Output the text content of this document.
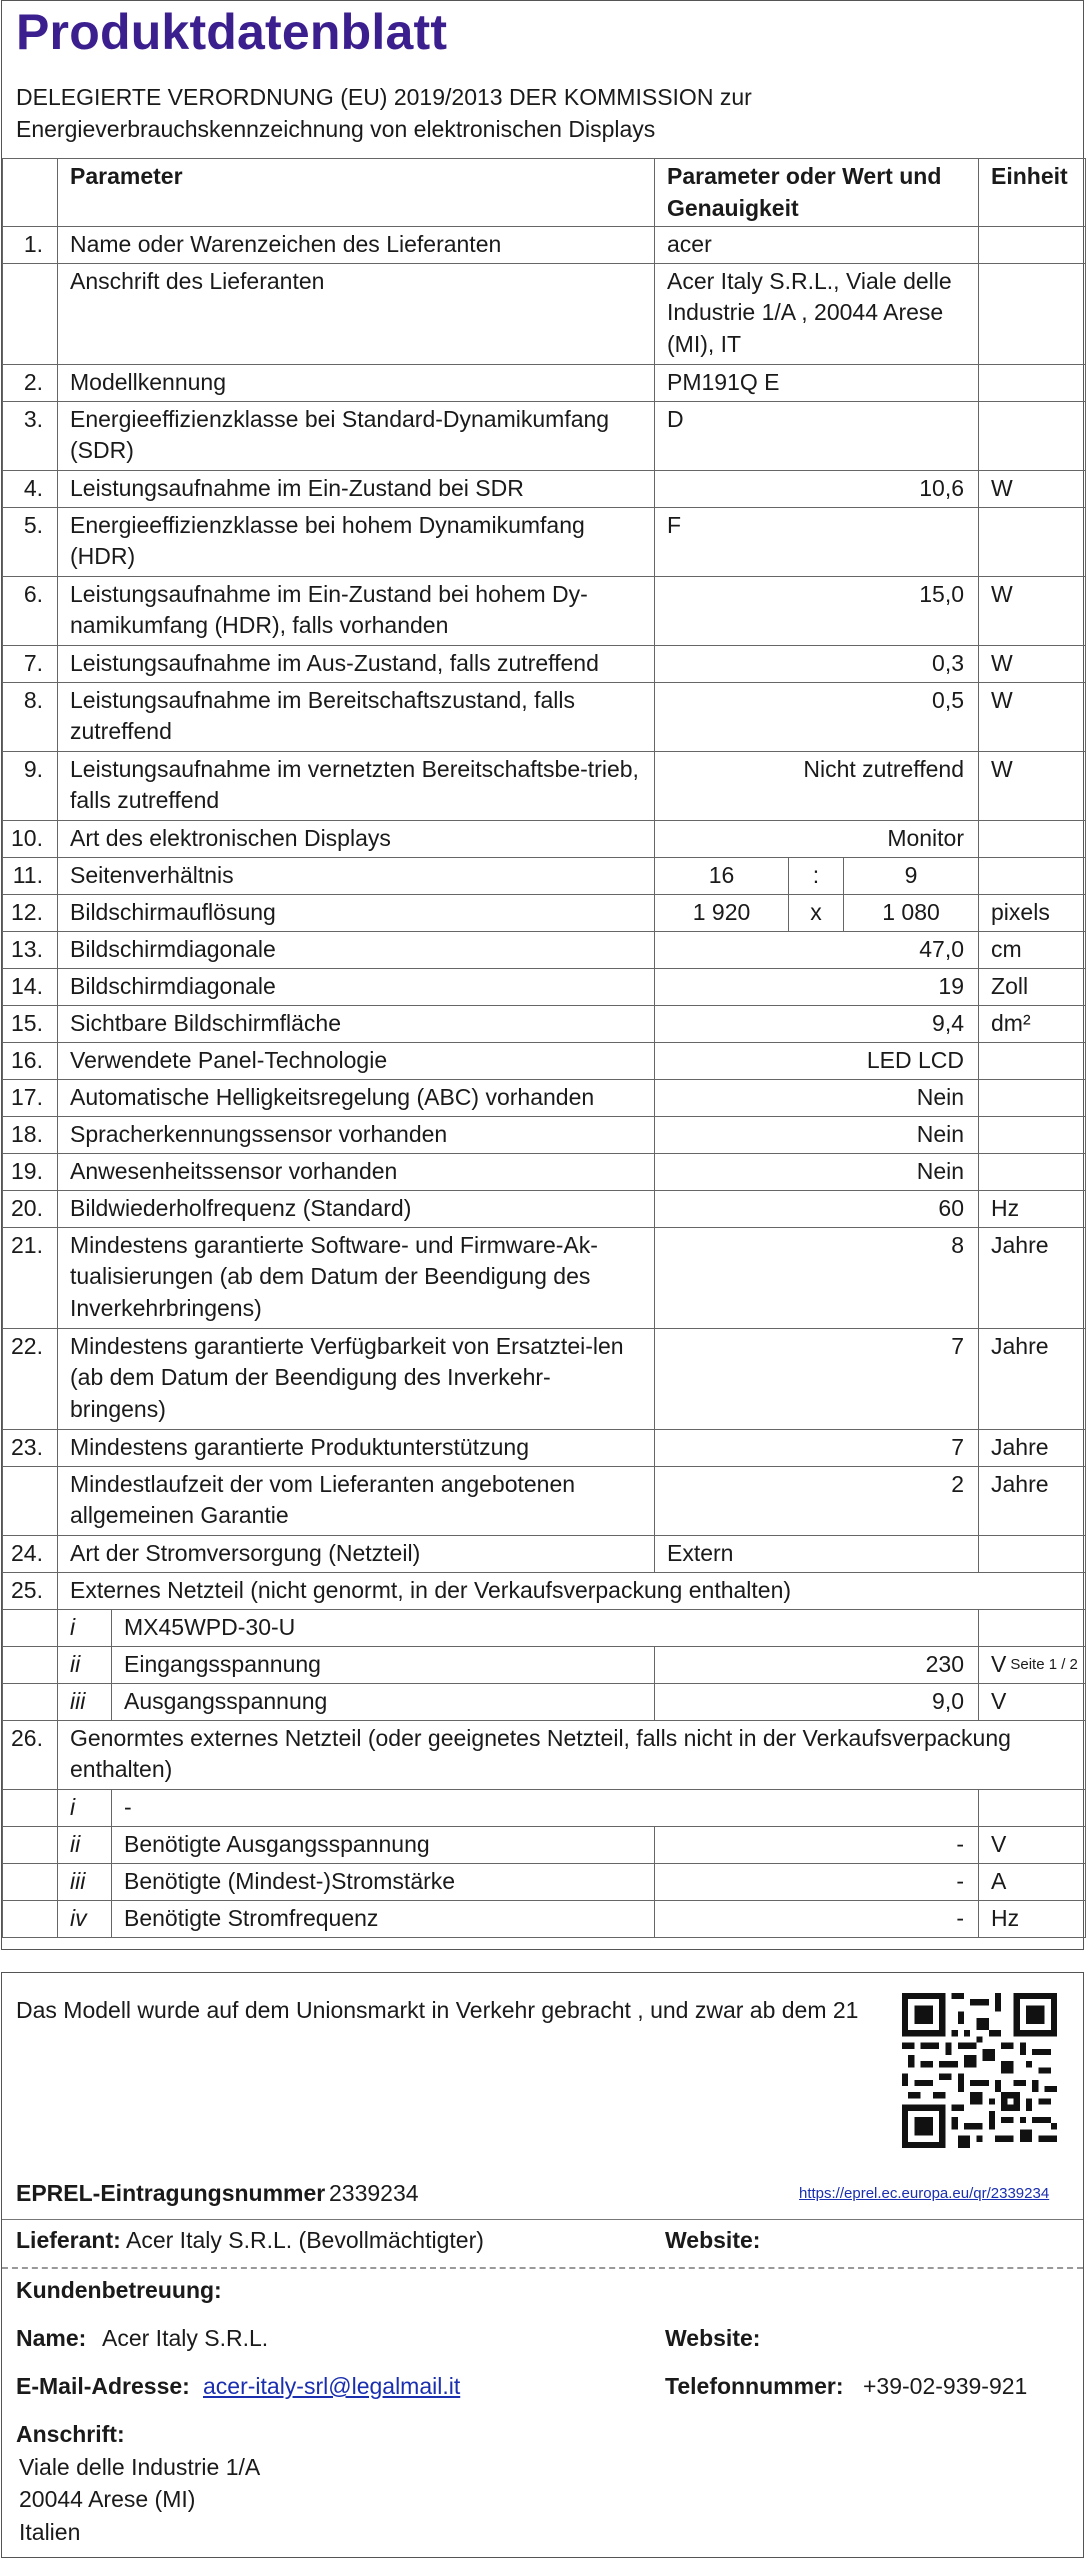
Produktdatenblatt
DELEGIERTE VERORDNUNG (EU) 2019/2013 DER KOMMISSION zur Energieverbrauchskennzeichnung von elektronischen Displays
	Parameter		Parameter oder Wert und Genauigkeit			Einheit
1.	Name oder Warenzeichen des Lieferanten		acer			
	Anschrift des Lieferanten		Acer Italy S.R.L., Viale delle Industrie 1/A , 20044 Arese (MI), IT			
2.	Modellkennung		PM191Q E			
3.	Energieeffizienzklasse bei Standard-Dynamikumfang (SDR)		D			
4.	Leistungsaufnahme im Ein-Zustand bei SDR		10,6			W
5.	Energieeffizienzklasse bei hohem Dynamikumfang (HDR)		F			
6.	Leistungsaufnahme im Ein-Zustand bei hohem Dy-namikumfang (HDR), falls vorhanden		15,0			W
7.	Leistungsaufnahme im Aus-Zustand, falls zutreffend		0,3			W
8.	Leistungsaufnahme im Bereitschaftszustand, falls zutreffend		0,5			W
9.	Leistungsaufnahme im vernetzten Bereitschaftsbe-trieb, falls zutreffend		Nicht zutreffend			W
10.	Art des elektronischen Displays		Monitor			
11.	Seitenverhältnis		16	:	9	
12.	Bildschirmauflösung		1 920	x	1 080	pixels
13.	Bildschirmdiagonale		47,0			cm
14.	Bildschirmdiagonale		19			Zoll
15.	Sichtbare Bildschirmfläche		9,4			dm²
16.	Verwendete Panel-Technologie		LED LCD			
17.	Automatische Helligkeitsregelung (ABC) vorhanden		Nein			
18.	Spracherkennungssensor vorhanden		Nein			
19.	Anwesenheitssensor vorhanden		Nein			
20.	Bildwiederholfrequenz (Standard)		60			Hz
21.	Mindestens garantierte Software- und Firmware-Ak-tualisierungen (ab dem Datum der Beendigung des Inverkehrbringens)		8			Jahre
22.	Mindestens garantierte Verfügbarkeit von Ersatztei-len (ab dem Datum der Beendigung des Inverkehr-bringens)		7			Jahre
23.	Mindestens garantierte Produktunterstützung		7			Jahre
	Mindestlaufzeit der vom Lieferanten angebotenen allgemeinen Garantie		2			Jahre
24.	Art der Stromversorgung (Netzteil)		Extern			
25.	Externes Netzteil (nicht genormt, in der Verkaufsverpackung enthalten)					
	i	MX45WPD-30-U				
	ii	Eingangsspannung	230			V $^{Seite 1 / 2}$
	iii	Ausgangsspannung	9,0			V
26.	Genormtes externes Netzteil (oder geeignetes Netzteil, falls nicht in der Verkaufsverpackung enthalten)					
	i	-				
	ii	Benötigte Ausgangsspannung	-			V
	iii	Benötigte (Mindest-)Stromstärke	-			A
	iv	Benötigte Stromfrequenz	-			Hz
Das Modell wurde auf dem Unionsmarkt in Verkehr gebracht , und zwar ab dem 21
EPREL-Eintragungsnummer 2339234	https://eprel.ec.europa.eu/qr/2339234
Lieferant: Acer Italy S.R.L. (Bevollmächtigter)	Website:
Kundenbetreuung:
Name: Acer Italy S.R.L.	Website:
E-Mail-Adresse: acer-italy-srl@legalmail.it	Telefonnummer: +39-02-939-921
Anschrift:
Viale delle Industrie 1/A
20044 Arese (MI)
Italien
